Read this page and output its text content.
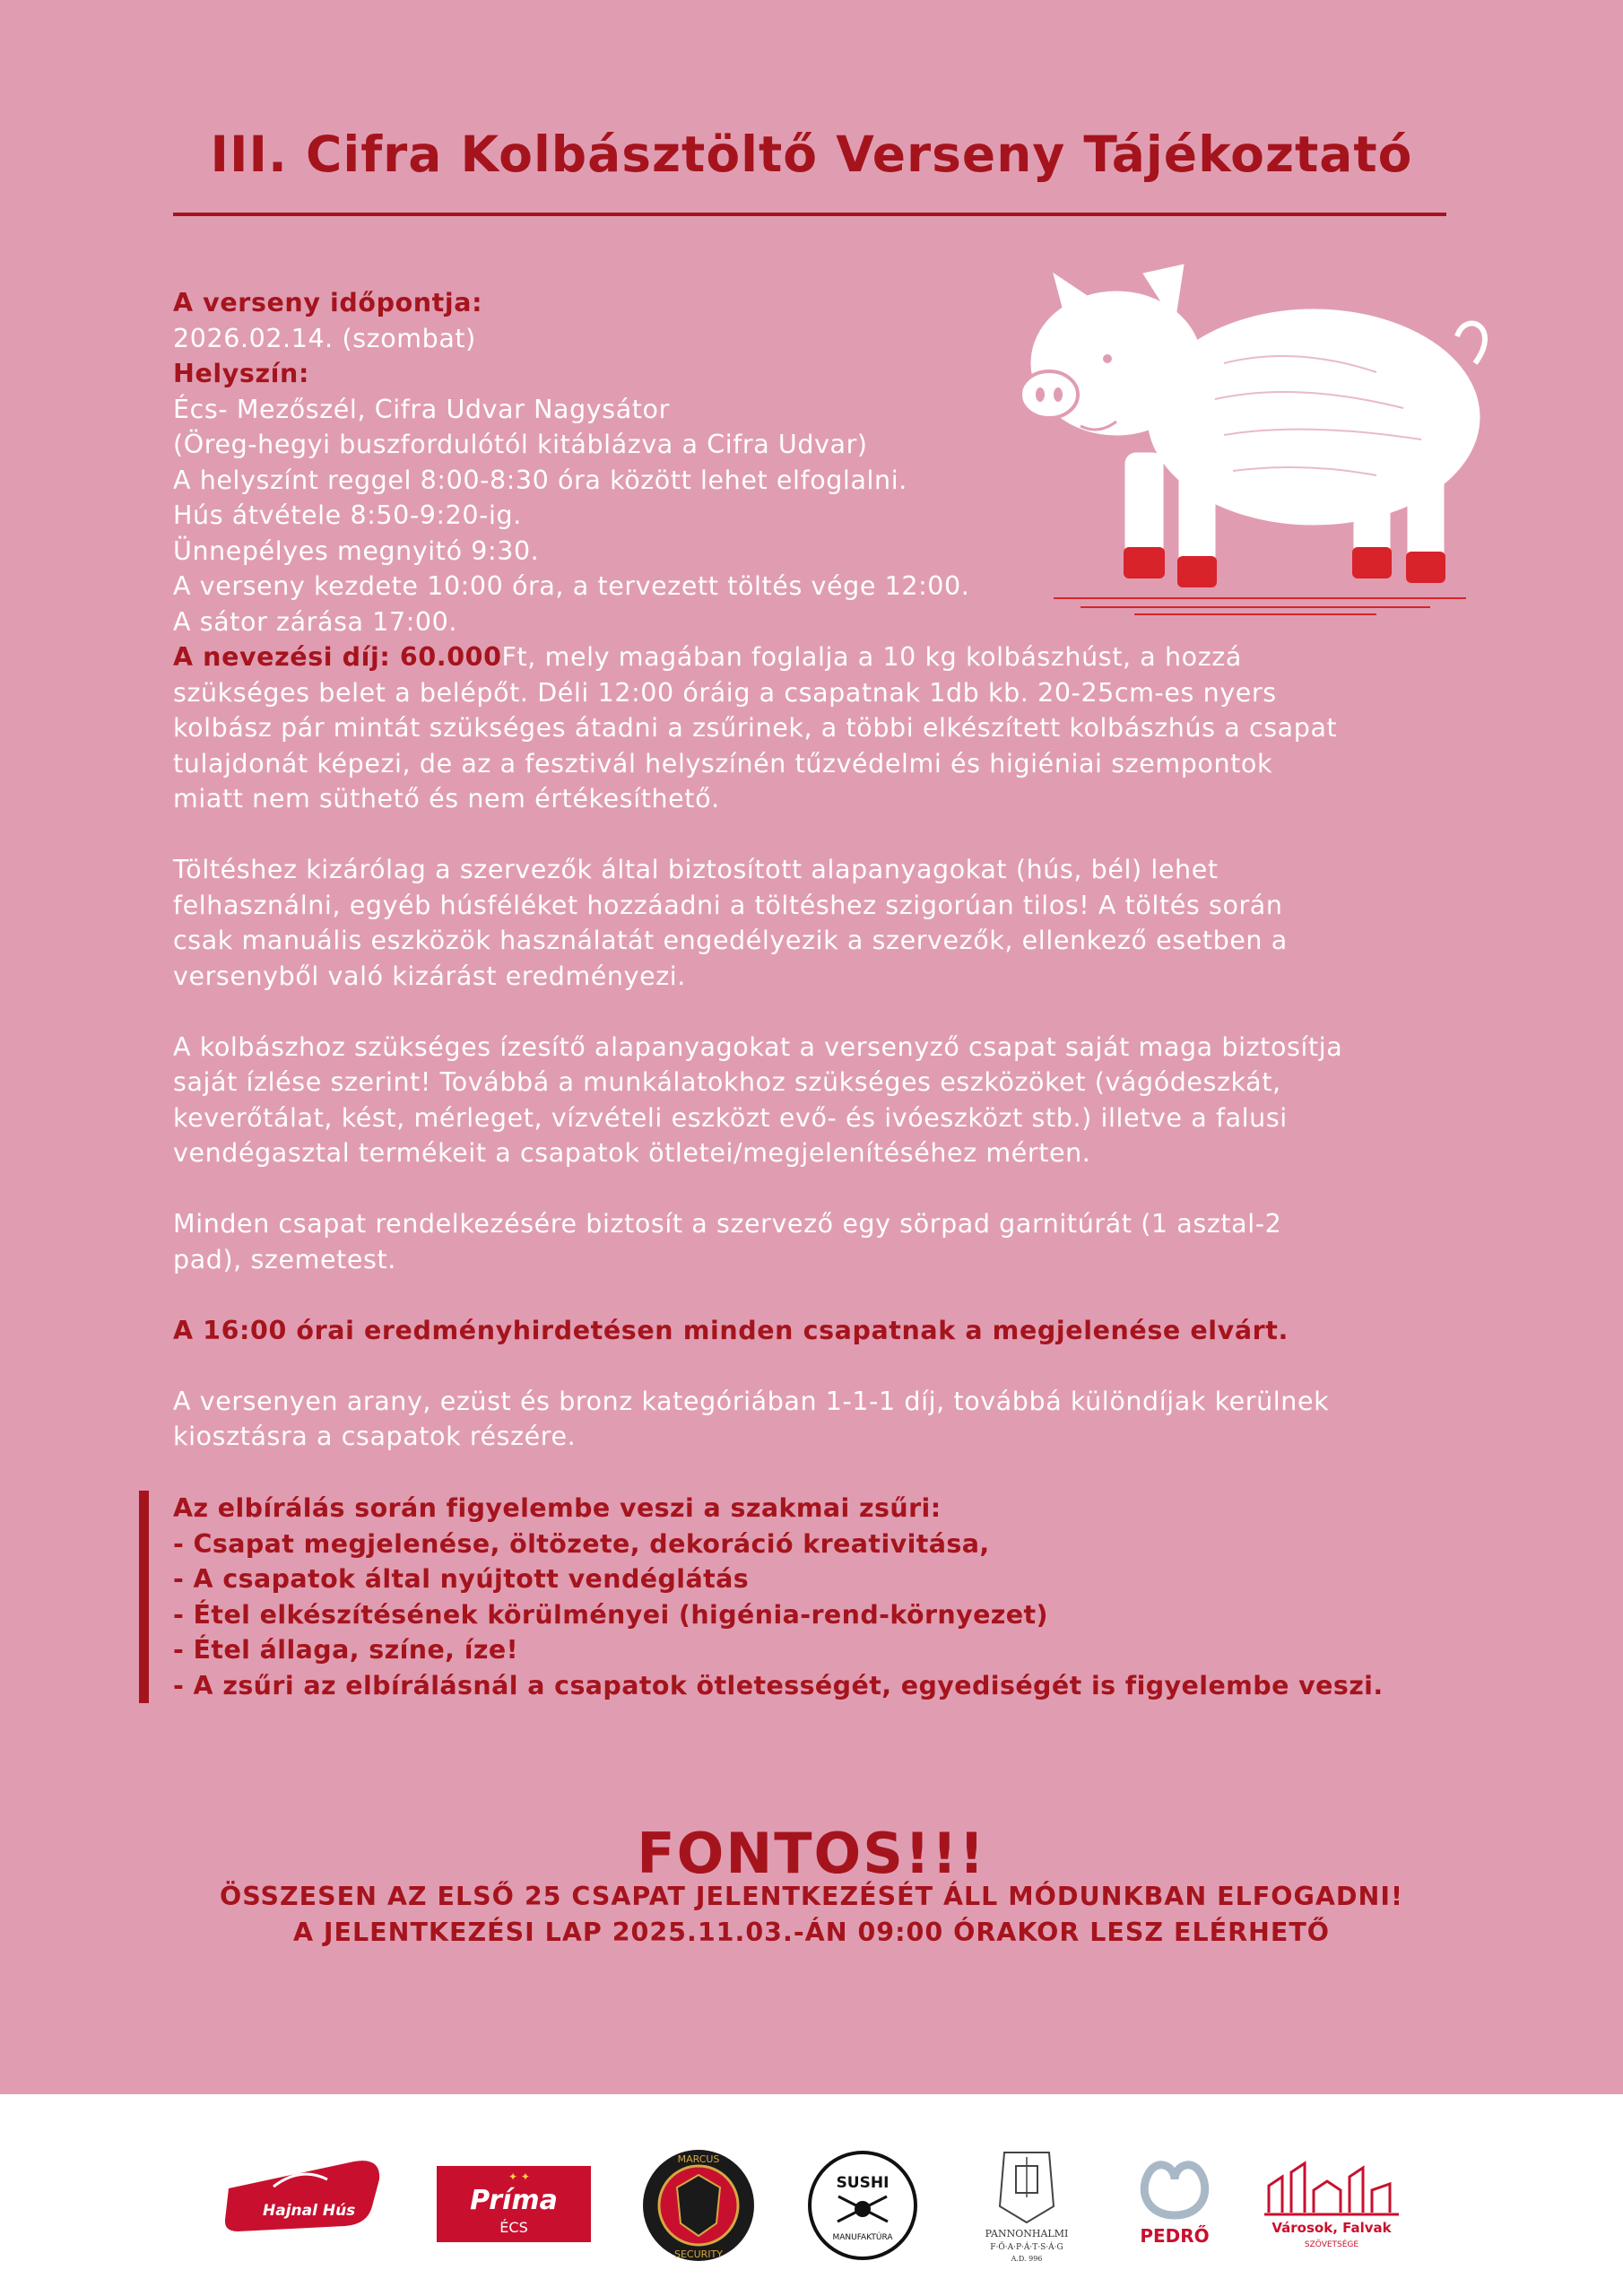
III. Cifra Kolbásztöltő Verseny Tájékoztató
A verseny időpontja:
2026.02.14. (szombat)
Helyszín:
Écs- Mezőszél, Cifra Udvar Nagysátor
(Öreg-hegyi buszfordulótól kitáblázva a Cifra Udvar)
A helyszínt reggel 8:00-8:30 óra között lehet elfoglalni.
Hús átvétele 8:50-9:20-ig.
Ünnepélyes megnyitó 9:30.
A verseny kezdete 10:00 óra, a tervezett töltés vége 12:00.
A sátor zárása 17:00.
A nevezési díj: 60.000Ft, mely magában foglalja a 10 kg kolbászhúst, a hozzá
szükséges belet a belépőt. Déli 12:00 óráig a csapatnak 1db kb. 20-25cm-es nyers
kolbász pár mintát szükséges átadni a zsűrinek, a többi elkészített kolbászhús a csapat
tulajdonát képezi, de az a fesztivál helyszínén tűzvédelmi és higiéniai szempontok
miatt nem süthető és nem értékesíthető.
Töltéshez kizárólag a szervezők által biztosított alapanyagokat (hús, bél) lehet
felhasználni, egyéb húsféléket hozzáadni a töltéshez szigorúan tilos! A töltés során
csak manuális eszközök használatát engedélyezik a szervezők, ellenkező esetben a
versenyből való kizárást eredményezi.
A kolbászhoz szükséges ízesítő alapanyagokat a versenyző csapat saját maga biztosítja
saját ízlése szerint! Továbbá a munkálatokhoz szükséges eszközöket (vágódeszkát,
keverőtálat, kést, mérleget, vízvételi eszközt evő- és ivóeszközt stb.) illetve a falusi
vendégasztal termékeit a csapatok ötletei/megjelenítéséhez mérten.
Minden csapat rendelkezésére biztosít a szervező egy sörpad garnitúrát (1 asztal-2
pad), szemetest.
A 16:00 órai eredményhirdetésen minden csapatnak a megjelenése elvárt.
A versenyen arany, ezüst és bronz kategóriában 1-1-1 díj, továbbá különdíjak kerülnek
kiosztásra a csapatok részére.
Az elbírálás során figyelembe veszi a szakmai zsűri:
- Csapat megjelenése, öltözete, dekoráció kreativitása,
- A csapatok által nyújtott vendéglátás
- Étel elkészítésének körülményei (higénia-rend-környezet)
- Étel állaga, színe, íze!
- A zsűri az elbírálásnál a csapatok ötletességét, egyediségét is figyelembe veszi.
FONTOS!!!
ÖSSZESEN AZ ELSŐ 25 CSAPAT JELENTKEZÉSÉT ÁLL MÓDUNKBAN ELFOGADNI!
A JELENTKEZÉSI LAP 2025.11.03.-ÁN 09:00 ÓRAKOR LESZ ELÉRHETŐ
Hajnal Hús	Príma
ÉCS
✦ ✦
MARCUS
SECURITY
SUSHI
MANUFAKTÚRA	PANNONHALMI
F·Ő·A·P·Á·T·S·Á·G
A.D. 996
PEDRŐ	Városok, Falvak
SZÖVETSÉGE
